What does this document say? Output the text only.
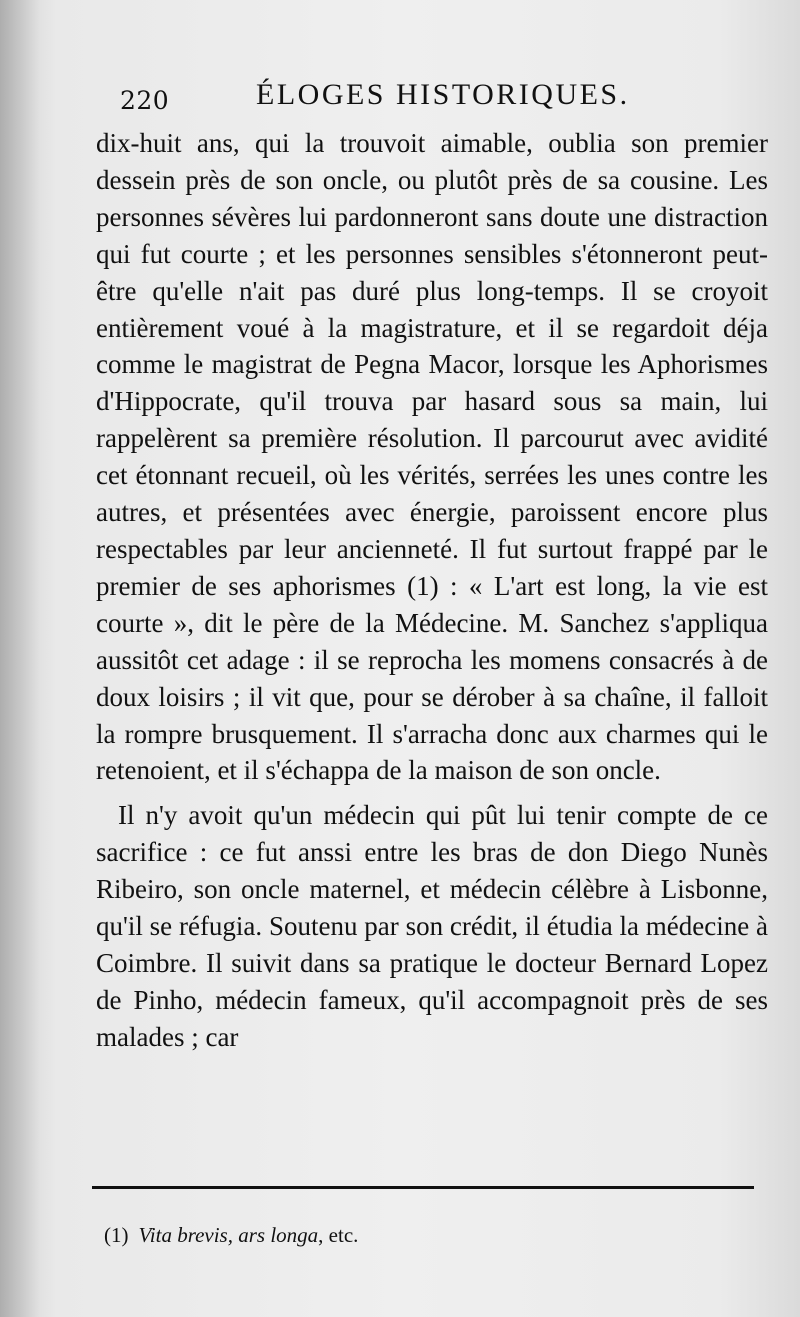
220	ÉLOGES HISTORIQUES.

dix-huit ans, qui la trouvoit aimable, oublia son premier dessein près de son oncle, ou plutôt près de sa cousine. Les personnes sévères lui pardonneront sans doute une distraction qui fut courte ; et les personnes sensibles s'étonneront peut-être qu'elle n'ait pas duré plus long-temps. Il se croyoit entièrement voué à la magistrature, et il se regardoit déja comme le magistrat de Pegna Macor, lorsque les Aphorismes d'Hippocrate, qu'il trouva par hasard sous sa main, lui rappelèrent sa première résolution. Il parcourut avec avidité cet étonnant recueil, où les vérités, serrées les unes contre les autres, et présentées avec énergie, paroissent encore plus respectables par leur ancienneté. Il fut surtout frappé par le premier de ses aphorismes (1) : « L'art est long, la vie est courte », dit le père de la Médecine. M. Sanchez s'appliqua aussitôt cet adage : il se reprocha les momens consacrés à de doux loisirs ; il vit que, pour se dérober à sa chaîne, il falloit la rompre brusquement. Il s'arracha donc aux charmes qui le retenoient, et il s'échappa de la maison de son oncle.

Il n'y avoit qu'un médecin qui pût lui tenir compte de ce sacrifice : ce fut anssi entre les bras de don Diego Nunès Ribeiro, son oncle maternel, et médecin célèbre à Lisbonne, qu'il se réfugia. Soutenu par son crédit, il étudia la médecine à Coimbre. Il suivit dans sa pratique le docteur Bernard Lopez de Pinho, médecin fameux, qu'il accompagnoit près de ses malades ; car

(1) Vita brevis, ars longa, etc.
